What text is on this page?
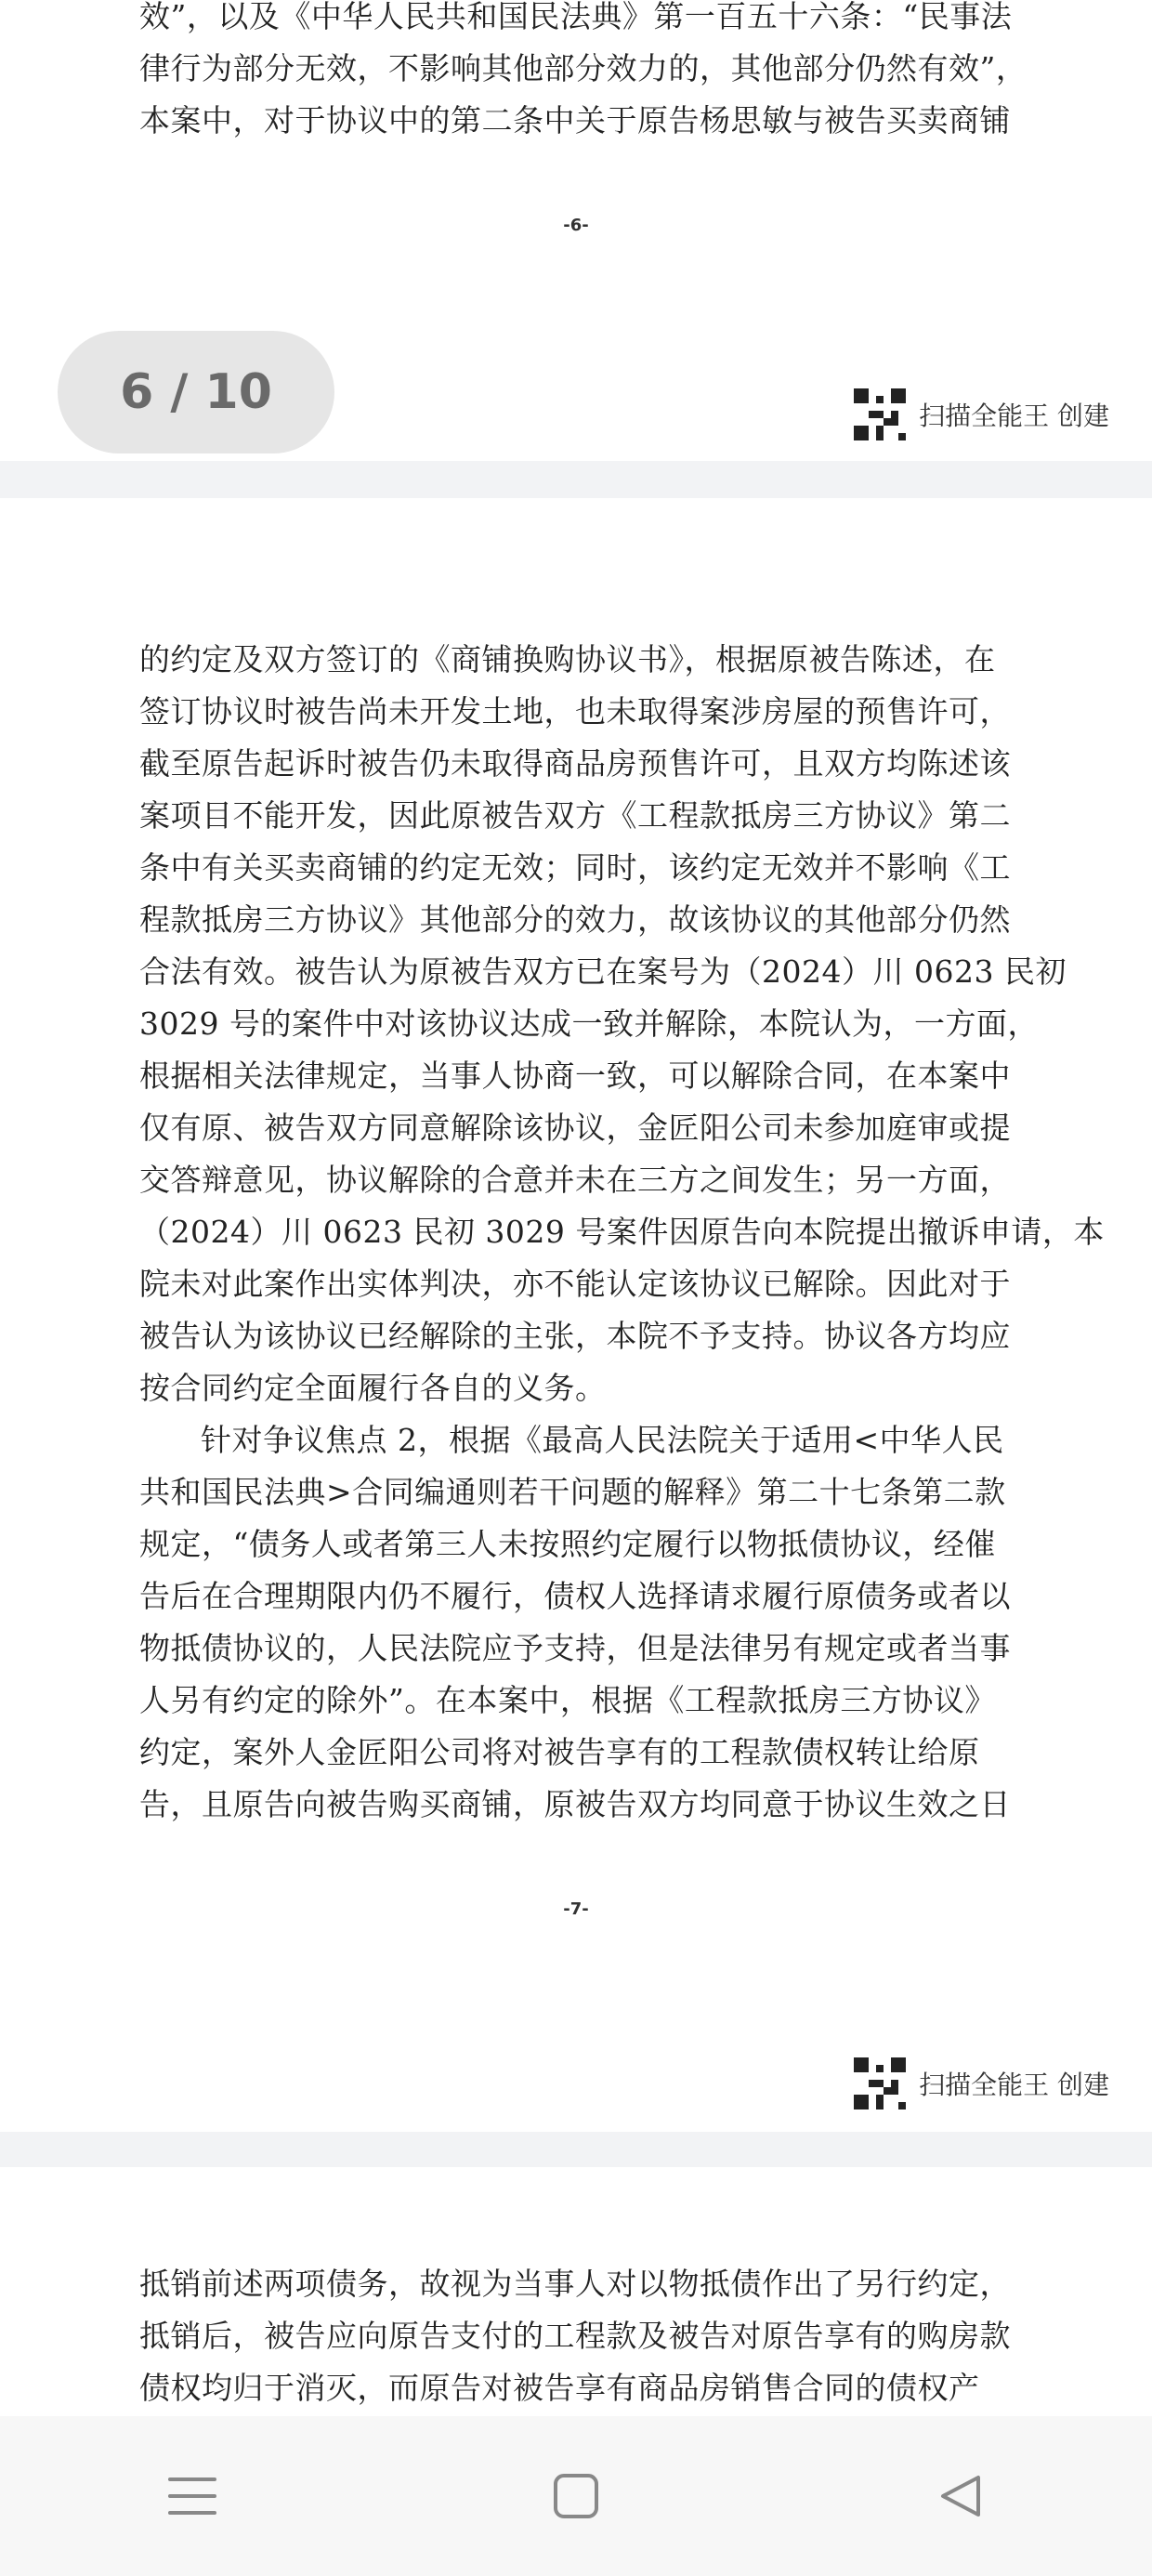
效”，以及《中华人民共和国民法典》第一百五十六条：“民事法
律行为部分无效，不影响其他部分效力的，其他部分仍然有效”，
本案中，对于协议中的第二条中关于原告杨思敏与被告买卖商铺
-6-
扫描全能王 创建
6 / 10
的约定及双方签订的《商铺换购协议书》，根据原被告陈述，在
签订协议时被告尚未开发土地，也未取得案涉房屋的预售许可，
截至原告起诉时被告仍未取得商品房预售许可，且双方均陈述该
案项目不能开发，因此原被告双方《工程款抵房三方协议》第二
条中有关买卖商铺的约定无效；同时，该约定无效并不影响《工
程款抵房三方协议》其他部分的效力，故该协议的其他部分仍然
合法有效。被告认为原被告双方已在案号为（2024）川 0623 民初
3029 号的案件中对该协议达成一致并解除，本院认为，一方面，
根据相关法律规定，当事人协商一致，可以解除合同，在本案中
仅有原、被告双方同意解除该协议，金匠阳公司未参加庭审或提
交答辩意见，协议解除的合意并未在三方之间发生；另一方面，
（2024）川 0623 民初 3029 号案件因原告向本院提出撤诉申请，本
院未对此案作出实体判决，亦不能认定该协议已解除。因此对于
被告认为该协议已经解除的主张，本院不予支持。协议各方均应
按合同约定全面履行各自的义务。
针对争议焦点 2，根据《最高人民法院关于适用<中华人民
共和国民法典>合同编通则若干问题的解释》第二十七条第二款
规定，“债务人或者第三人未按照约定履行以物抵债协议，经催
告后在合理期限内仍不履行，债权人选择请求履行原债务或者以
物抵债协议的，人民法院应予支持，但是法律另有规定或者当事
人另有约定的除外”。在本案中，根据《工程款抵房三方协议》
约定，案外人金匠阳公司将对被告享有的工程款债权转让给原
告，且原告向被告购买商铺，原被告双方均同意于协议生效之日
-7-
扫描全能王 创建
抵销前述两项债务，故视为当事人对以物抵债作出了另行约定，
抵销后，被告应向原告支付的工程款及被告对原告享有的购房款
债权均归于消灭，而原告对被告享有商品房销售合同的债权产
